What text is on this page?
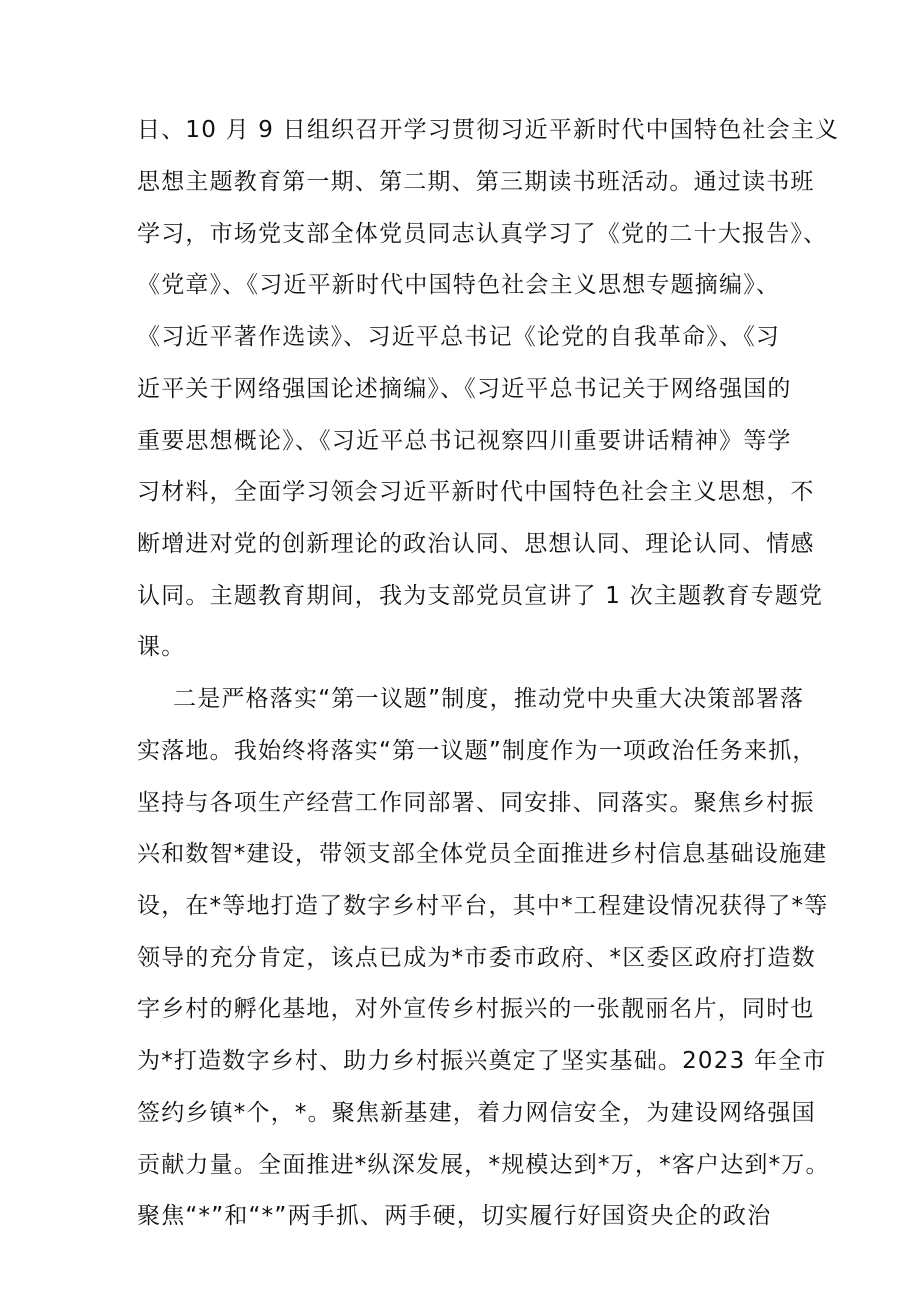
日、10 月 9 日组织召开学习贯彻习近平新时代中国特色社会主义
思想主题教育第一期、第二期、第三期读书班活动。通过读书班
学习，市场党支部全体党员同志认真学习了《党的二十大报告》、
《党章》、《习近平新时代中国特色社会主义思想专题摘编》、
《习近平著作选读》、习近平总书记《论党的自我革命》、《习
近平关于网络强国论述摘编》、《习近平总书记关于网络强国的
重要思想概论》、《习近平总书记视察四川重要讲话精神》等学
习材料，全面学习领会习近平新时代中国特色社会主义思想，不
断增进对党的创新理论的政治认同、思想认同、理论认同、情感
认同。主题教育期间，我为支部党员宣讲了 1 次主题教育专题党
课。
二是严格落实“第一议题”制度，推动党中央重大决策部署落
实落地。我始终将落实“第一议题”制度作为一项政治任务来抓，
坚持与各项生产经营工作同部署、同安排、同落实。聚焦乡村振
兴和数智*建设，带领支部全体党员全面推进乡村信息基础设施建
设，在*等地打造了数字乡村平台，其中*工程建设情况获得了*等
领导的充分肯定，该点已成为*市委市政府、*区委区政府打造数
字乡村的孵化基地，对外宣传乡村振兴的一张靓丽名片，同时也
为*打造数字乡村、助力乡村振兴奠定了坚实基础。2023 年全市
签约乡镇*个，*。聚焦新基建，着力网信安全，为建设网络强国
贡献力量。全面推进*纵深发展，*规模达到*万，*客户达到*万。
聚焦“*”和“*”两手抓、两手硬，切实履行好国资央企的政治
